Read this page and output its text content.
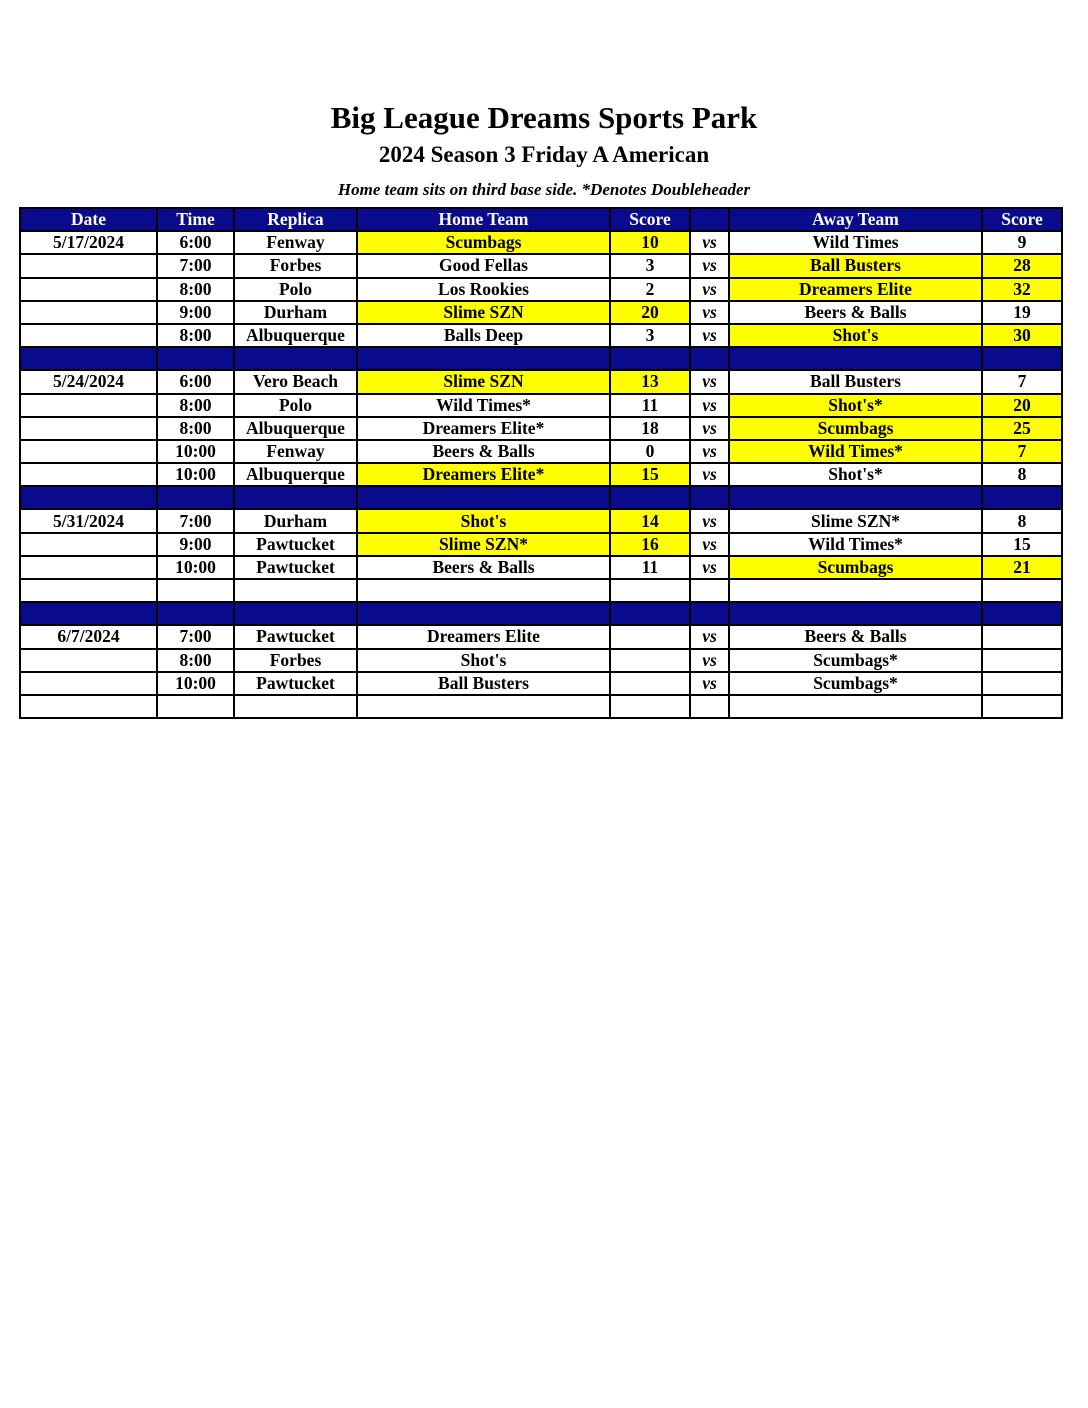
Big League Dreams Sports Park
2024 Season 3 Friday A American
Home team sits on third base side. *Denotes Doubleheader
Date	Time	Replica	Home Team	Score		Away Team	Score
5/17/2024	6:00	Fenway	Scumbags	10	vs	Wild Times	9
	7:00	Forbes	Good Fellas	3	vs	Ball Busters	28
	8:00	Polo	Los Rookies	2	vs	Dreamers Elite	32
	9:00	Durham	Slime SZN	20	vs	Beers & Balls	19
	8:00	Albuquerque	Balls Deep	3	vs	Shot's	30

5/24/2024	6:00	Vero Beach	Slime SZN	13	vs	Ball Busters	7
	8:00	Polo	Wild Times*	11	vs	Shot's*	20
	8:00	Albuquerque	Dreamers Elite*	18	vs	Scumbags	25
	10:00	Fenway	Beers & Balls	0	vs	Wild Times*	7
	10:00	Albuquerque	Dreamers Elite*	15	vs	Shot's*	8

5/31/2024	7:00	Durham	Shot's	14	vs	Slime SZN*	8
	9:00	Pawtucket	Slime SZN*	16	vs	Wild Times*	15
	10:00	Pawtucket	Beers & Balls	11	vs	Scumbags	21

6/7/2024	7:00	Pawtucket	Dreamers Elite		vs	Beers & Balls	
	8:00	Forbes	Shot's		vs	Scumbags*	
	10:00	Pawtucket	Ball Busters		vs	Scumbags*	
